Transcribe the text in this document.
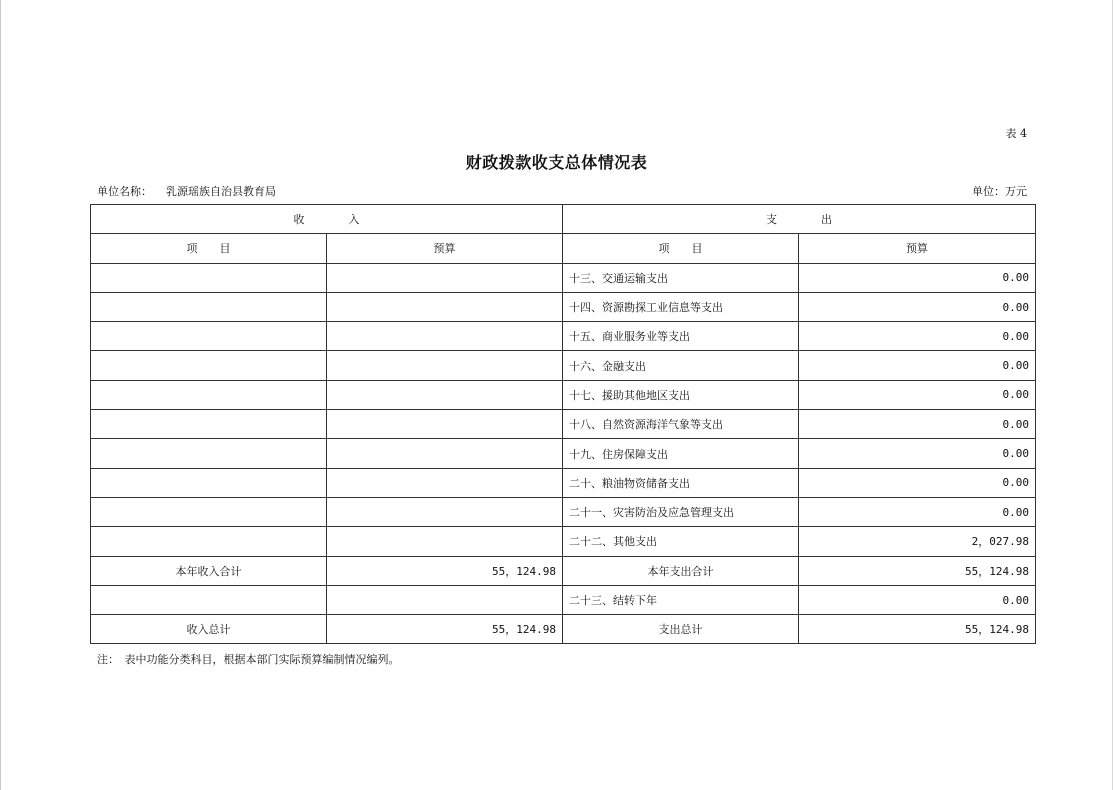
表 4
财政拨款收支总体情况表
单位名称： 乳源瑶族自治县教育局	单位：万元
收　　　　入		支　　　　出	
项　　目	预算	项　　目	预算
		十三、交通运输支出	0.00
		十四、资源勘探工业信息等支出	0.00
		十五、商业服务业等支出	0.00
		十六、金融支出	0.00
		十七、援助其他地区支出	0.00
		十八、自然资源海洋气象等支出	0.00
		十九、住房保障支出	0.00
		二十、粮油物资储备支出	0.00
		二十一、灾害防治及应急管理支出	0.00
		二十二、其他支出	2，027.98
本年收入合计	55，124.98	本年支出合计	55，124.98
		二十三、结转下年	0.00
收入总计	55，124.98	支出总计	55，124.98
注：　表中功能分类科目，根据本部门实际预算编制情况编列。
